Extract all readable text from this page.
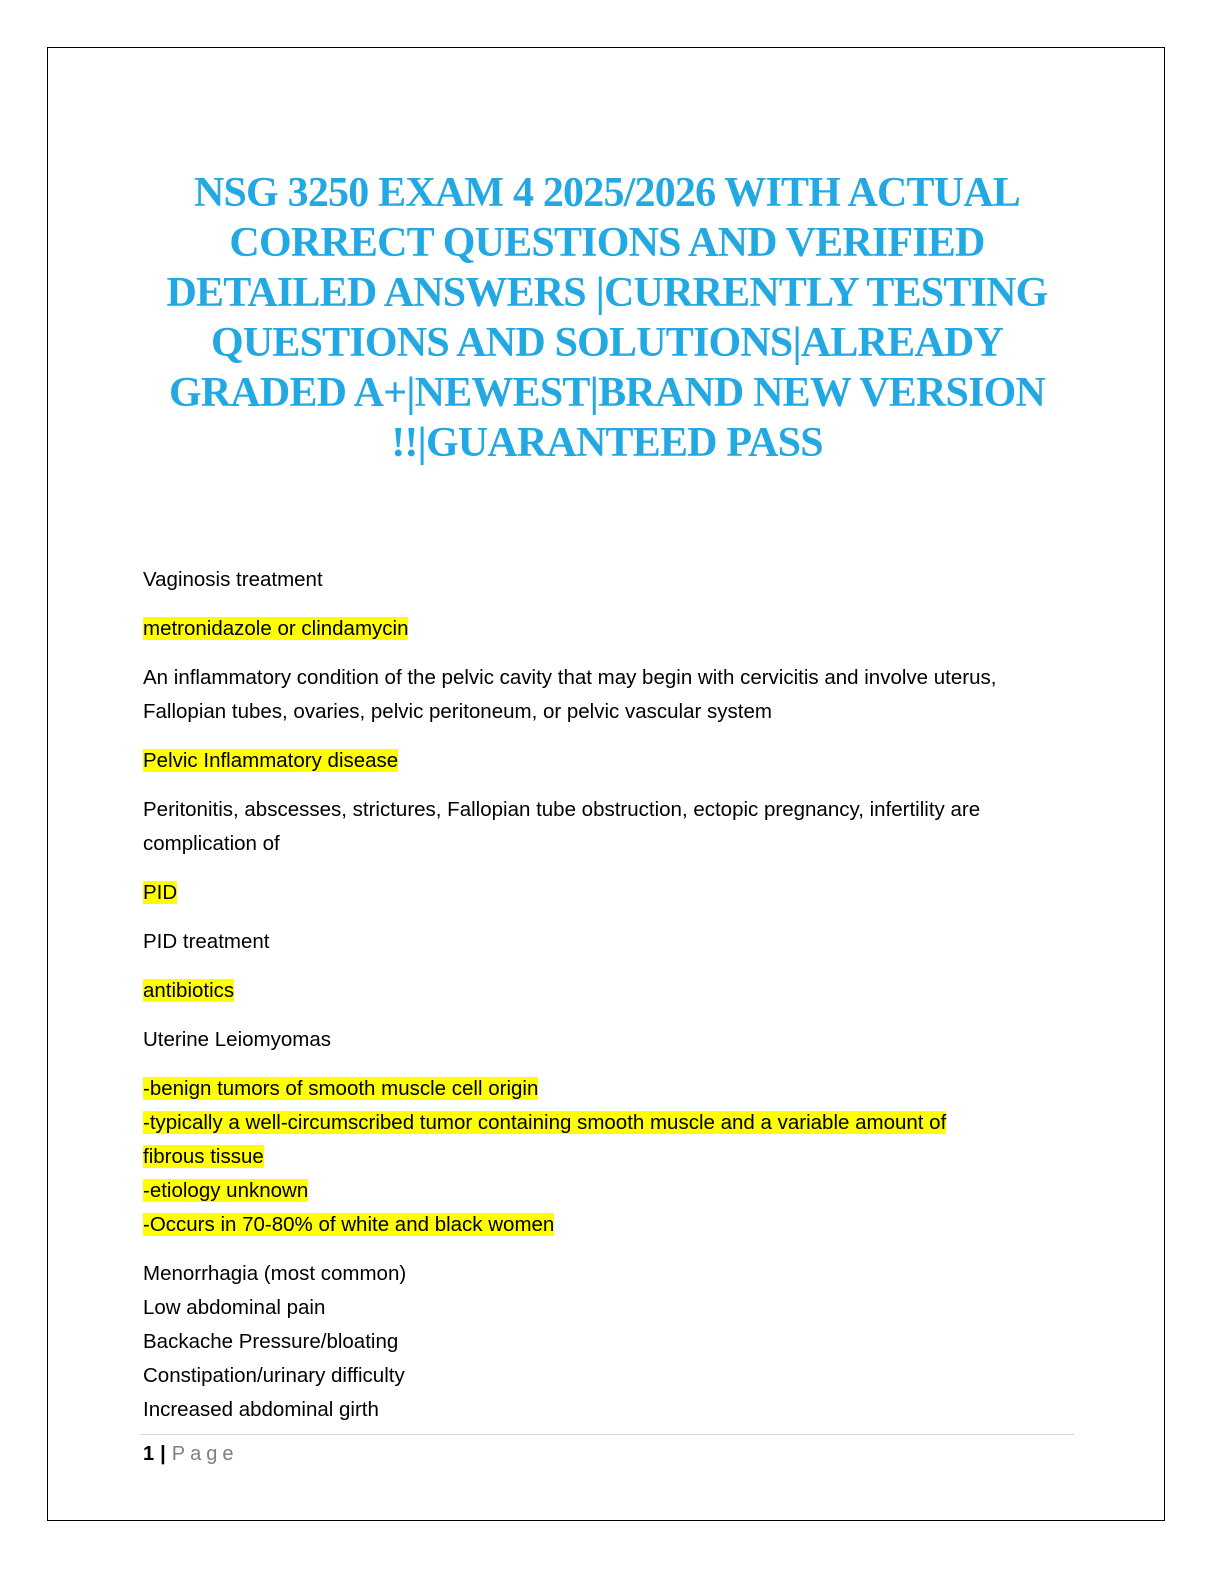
NSG 3250 EXAM 4 2025/2026 WITH ACTUAL
CORRECT QUESTIONS AND VERIFIED
DETAILED ANSWERS |CURRENTLY TESTING
QUESTIONS AND SOLUTIONS|ALREADY
GRADED A+|NEWEST|BRAND NEW VERSION
!!|GUARANTEED PASS

Vaginosis treatment

metronidazole or clindamycin

An inflammatory condition of the pelvic cavity that may begin with cervicitis and involve uterus,
Fallopian tubes, ovaries, pelvic peritoneum, or pelvic vascular system

Pelvic Inflammatory disease

Peritonitis, abscesses, strictures, Fallopian tube obstruction, ectopic pregnancy, infertility are
complication of

PID

PID treatment

antibiotics

Uterine Leiomyomas

-benign tumors of smooth muscle cell origin
-typically a well-circumscribed tumor containing smooth muscle and a variable amount of
fibrous tissue
-etiology unknown
-Occurs in 70-80% of white and black women

Menorrhagia (most common)
Low abdominal pain
Backache Pressure/bloating
Constipation/urinary difficulty
Increased abdominal girth

1 | Page
